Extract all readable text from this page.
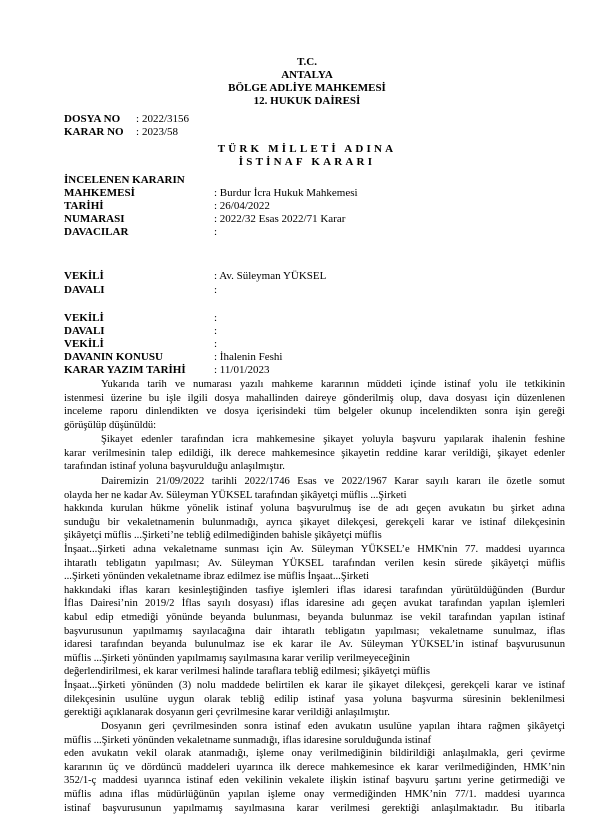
T.C.
ANTALYA
BÖLGE ADLİYE MAHKEMESİ
12. HUKUK DAİRESİ
DOSYA NO : 2022/3156
KARAR NO : 2023/58
TÜRK MİLLETİ ADINA
İSTİNAF KARARI
İNCELENEN KARARIN
MAHKEMESİ	: Burdur İcra Hukuk Mahkemesi
TARİHİ	: 26/04/2022
NUMARASI	: 2022/32 Esas 2022/71 Karar
DAVACILAR	:
VEKİLİ	: Av. Süleyman YÜKSEL
DAVALI	:
VEKİLİ	:
DAVALI	:
VEKİLİ	:
DAVANIN KONUSU	: İhalenin Feshi
KARAR YAZIM TARİHİ	: 11/01/2023
Yukarıda tarih ve numarası yazılı mahkeme kararının müddeti içinde istinaf yolu ile tetkikinin
istenmesi üzerine bu işle ilgili dosya mahallinden daireye gönderilmiş olup, dava dosyası için düzenlenen
inceleme raporu dinlendikten ve dosya içerisindeki tüm belgeler okunup incelendikten sonra işin gereği
görüşülüp düşünüldü:
Şikayet edenler tarafından icra mahkemesine şikayet yoluyla başvuru yapılarak ihalenin feshine
karar verilmesinin talep edildiği, ilk derece mahkemesince şikayetin reddine karar verildiği, şikayet edenler
tarafından istinaf yoluna başvurulduğu anlaşılmıştır.
Dairemizin 21/09/2022 tarihli 2022/1746 Esas ve 2022/1967 Karar sayılı kararı ile özetle somut
olayda her ne kadar Av. Süleyman YÜKSEL tarafından şikâyetçi müflis ...Şirketi
hakkında kurulan hükme yönelik istinaf yoluna başvurulmuş ise de adı geçen avukatın bu şirket adına
sunduğu bir vekaletnamenin bulunmadığı, ayrıca şikayet dilekçesi, gerekçeli karar ve istinaf dilekçesinin
şikâyetçi müflis ...Şirketi’ne tebliğ edilmediğinden bahisle şikâyetçi müflis
İnşaat...Şirketi adına vekaletname sunması için Av. Süleyman YÜKSEL’e HMK'nin 77. maddesi uyarınca
ihtaratlı tebligatın yapılması; Av. Süleyman YÜKSEL tarafından verilen kesin sürede şikâyetçi müflis
...Şirketi yönünden vekaletname ibraz edilmez ise müflis İnşaat...Şirketi
hakkındaki iflas kararı kesinleştiğinden tasfiye işlemleri iflas idaresi tarafından yürütüldüğünden (Burdur
İflas Dairesi’nin 2019/2 İflas sayılı dosyası) iflas idaresine adı geçen avukat tarafından yapılan işlemleri
kabul edip etmediği yönünde beyanda bulunması, beyanda bulunmaz ise vekil tarafından yapılan istinaf
başvurusunun yapılmamış sayılacağına dair ihtaratlı tebligatın yapılması; vekaletname sunulmaz, iflas
idaresi tarafından beyanda bulunulmaz ise ek karar ile Av. Süleyman YÜKSEL’in istinaf başvurusunun
müflis ...Şirketi yönünden yapılmamış sayılmasına karar verilip verilmeyeceğinin
değerlendirilmesi, ek karar verilmesi halinde taraflara tebliğ edilmesi; şikâyetçi müflis
İnşaat...Şirketi yönünden (3) nolu maddede belirtilen ek karar ile şikayet dilekçesi, gerekçeli karar ve istinaf
dilekçesinin usulüne uygun olarak tebliğ edilip istinaf yasa yoluna başvurma süresinin beklenilmesi
gerektiği açıklanarak dosyanın geri çevrilmesine karar verildiği anlaşılmıştır.
Dosyanın geri çevrilmesinden sonra istinaf eden avukatın usulüne yapılan ihtara rağmen şikâyetçi
müflis ...Şirketi yönünden vekaletname sunmadığı, iflas idaresine sorulduğunda istinaf
eden avukatın vekil olarak atanmadığı, işleme onay verilmediğinin bildirildiği anlaşılmakla, geri çevirme
kararının üç ve dördüncü maddeleri uyarınca ilk derece mahkemesince ek karar verilmediğinden, HMK’nin
352/1-ç maddesi uyarınca istinaf eden vekilinin vekalete ilişkin istinaf başvuru şartını yerine getirmediği ve
müflis adına iflas müdürlüğünün yapılan işleme onay vermediğinden HMK’nin 77/1. maddesi uyarınca
istinaf başvurusunun yapılmamış sayılmasına karar verilmesi gerektiği anlaşılmaktadır. Bu itibarla
